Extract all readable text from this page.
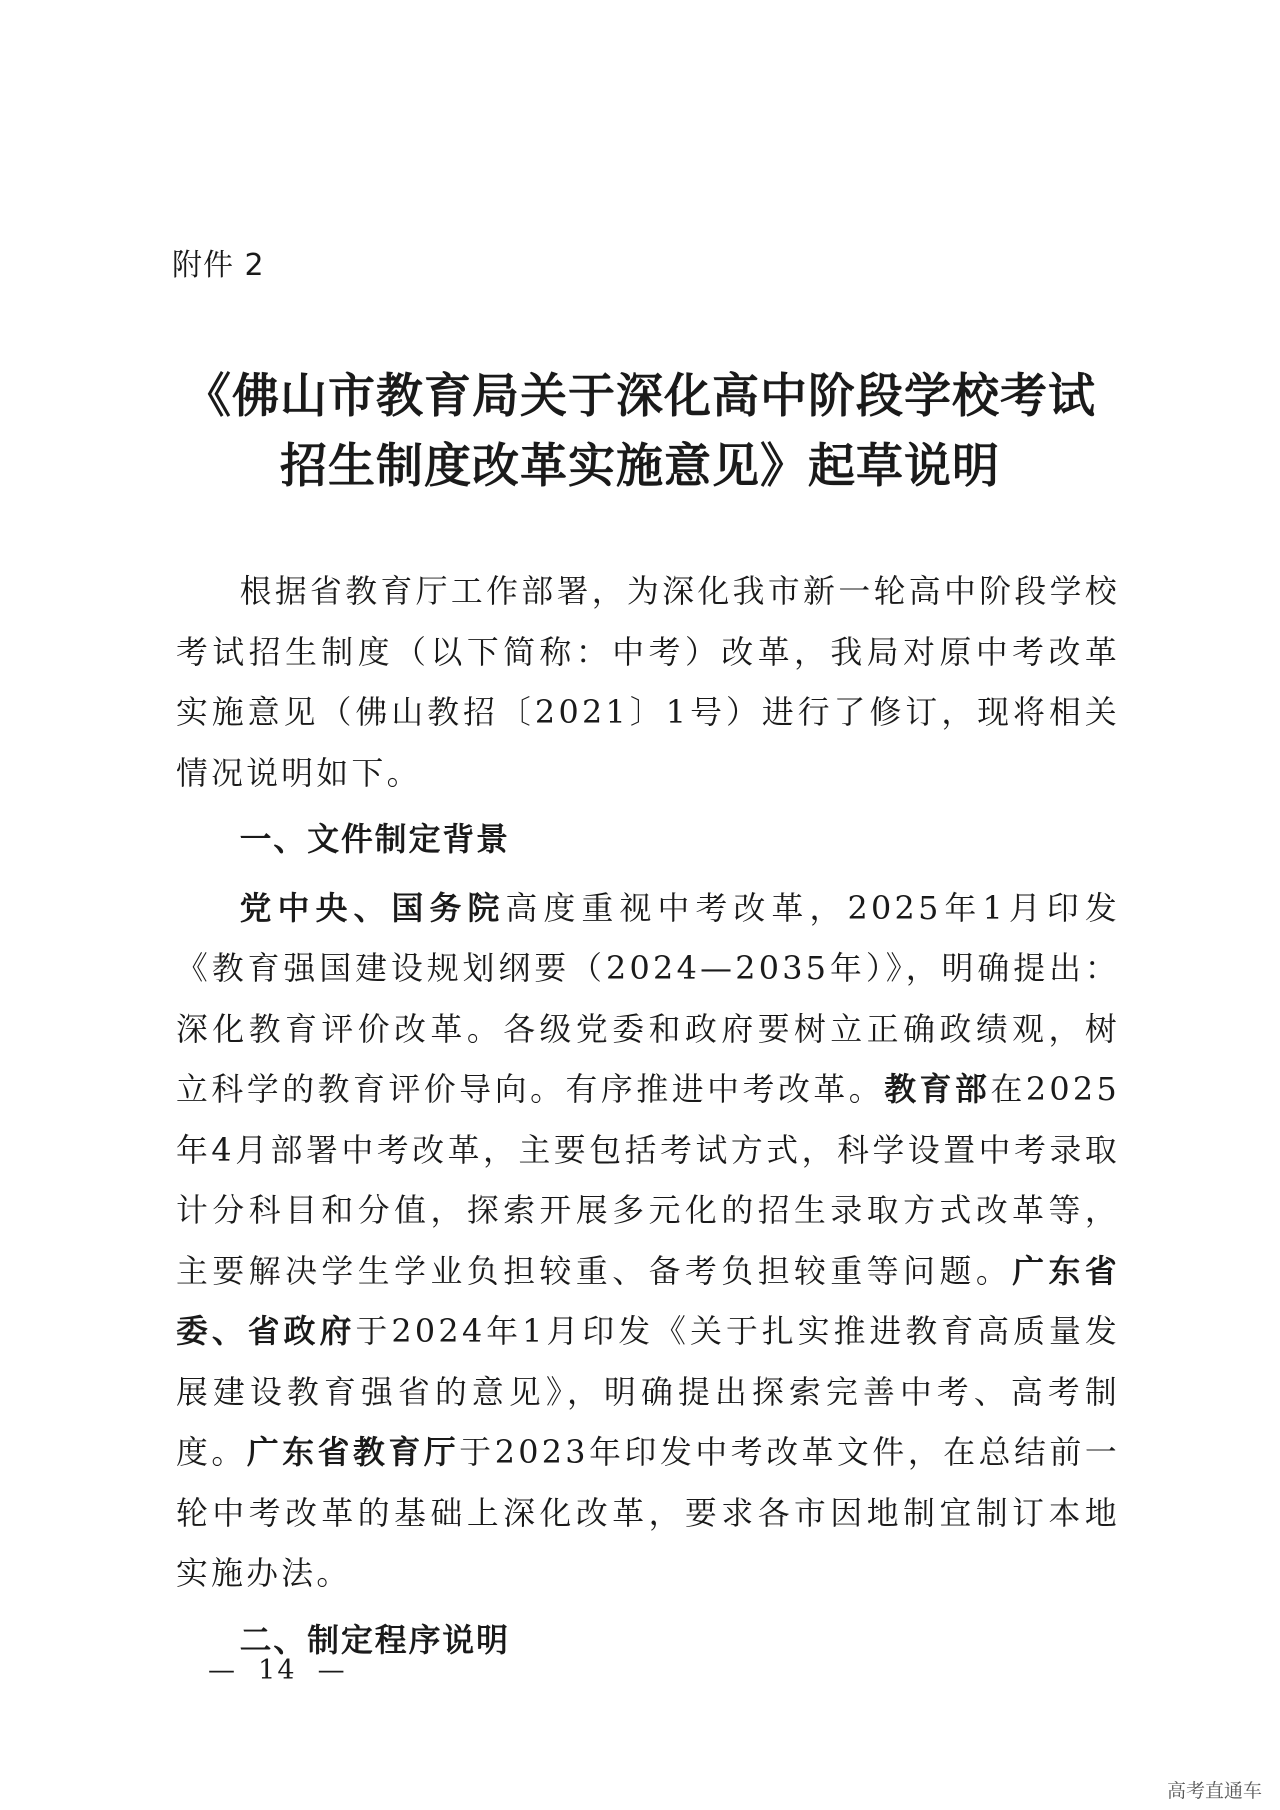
附件 2
《佛山市教育局关于深化高中阶段学校考试
招生制度改革实施意见》起草说明

根据省教育厅工作部署，为深化我市新一轮高中阶段学校考试招生制度（以下简称：中考）改革，我局对原中考改革实施意见（佛山教招〔2021〕1号）进行了修订，现将相关情况说明如下。

一、文件制定背景

党中央、国务院高度重视中考改革，2025年1月印发《教育强国建设规划纲要（2024—2035年）》，明确提出：深化教育评价改革。各级党委和政府要树立正确政绩观，树立科学的教育评价导向。有序推进中考改革。教育部在2025年4月部署中考改革，主要包括考试方式，科学设置中考录取计分科目和分值，探索开展多元化的招生录取方式改革等，主要解决学生学业负担较重、备考负担较重等问题。广东省委、省政府于2024年1月印发《关于扎实推进教育高质量发展建设教育强省的意见》，明确提出探索完善中考、高考制度。广东省教育厅于2023年印发中考改革文件，在总结前一轮中考改革的基础上深化改革，要求各市因地制宜制订本地实施办法。

二、制定程序说明

—  14  —
高考直通车
